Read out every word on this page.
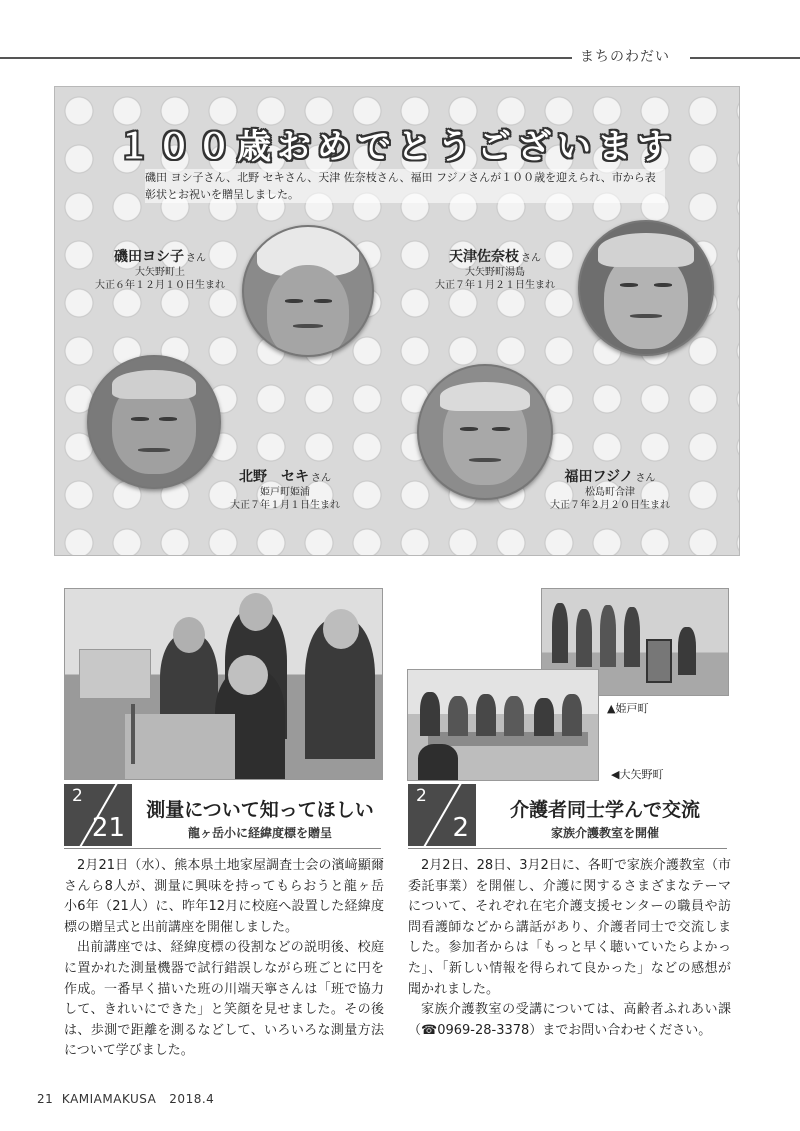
まちのわだい
１００歳おめでとうございます
磯田 ヨシ子さん、北野 セキさん、天津 佐奈枝さん、福田 フジノさんが１００歳を迎えられ、市から表彰状とお祝いを贈呈しました。
磯田ヨシ子 さん
大矢野町上
大正６年１２月１０日生まれ
天津佐奈枝 さん
大矢野町湯島
大正７年１月２１日生まれ
北野　セキ さん
姫戸町姫浦
大正７年１月１日生まれ
福田フジノ さん
松島町合津
大正７年２月２０日生まれ
2
21
測量について知ってほしい
龍ヶ岳小に経緯度標を贈呈

2月21日（水）、熊本県土地家屋調査士会の濱﨑顯爾さんら8人が、測量に興味を持ってもらおうと龍ヶ岳小6年（21人）に、昨年12月に校庭へ設置した経緯度標の贈呈式と出前講座を開催しました。

出前講座では、経緯度標の役割などの説明後、校庭に置かれた測量機器で試行錯誤しながら班ごとに円を作成。一番早く描いた班の川端天寧さんは「班で協力して、きれいにできた」と笑顔を見せました。その後は、歩測で距離を測るなどして、いろいろな測量方法について学びました。

▲姫戸町
◀大矢野町
2
2
介護者同士学んで交流
家族介護教室を開催

2月2日、28日、3月2日に、各町で家族介護教室（市委託事業）を開催し、介護に関するさまざまなテーマについて、それぞれ在宅介護支援センターの職員や訪問看護師などから講話があり、介護者同士で交流しました。参加者からは「もっと早く聴いていたらよかった」、「新しい情報を得られて良かった」などの感想が聞かれました。

家族介護教室の受講については、高齢者ふれあい課（☎0969-28-3378）までお問い合わせください。

21 KAMIAMAKUSA 2018.4
